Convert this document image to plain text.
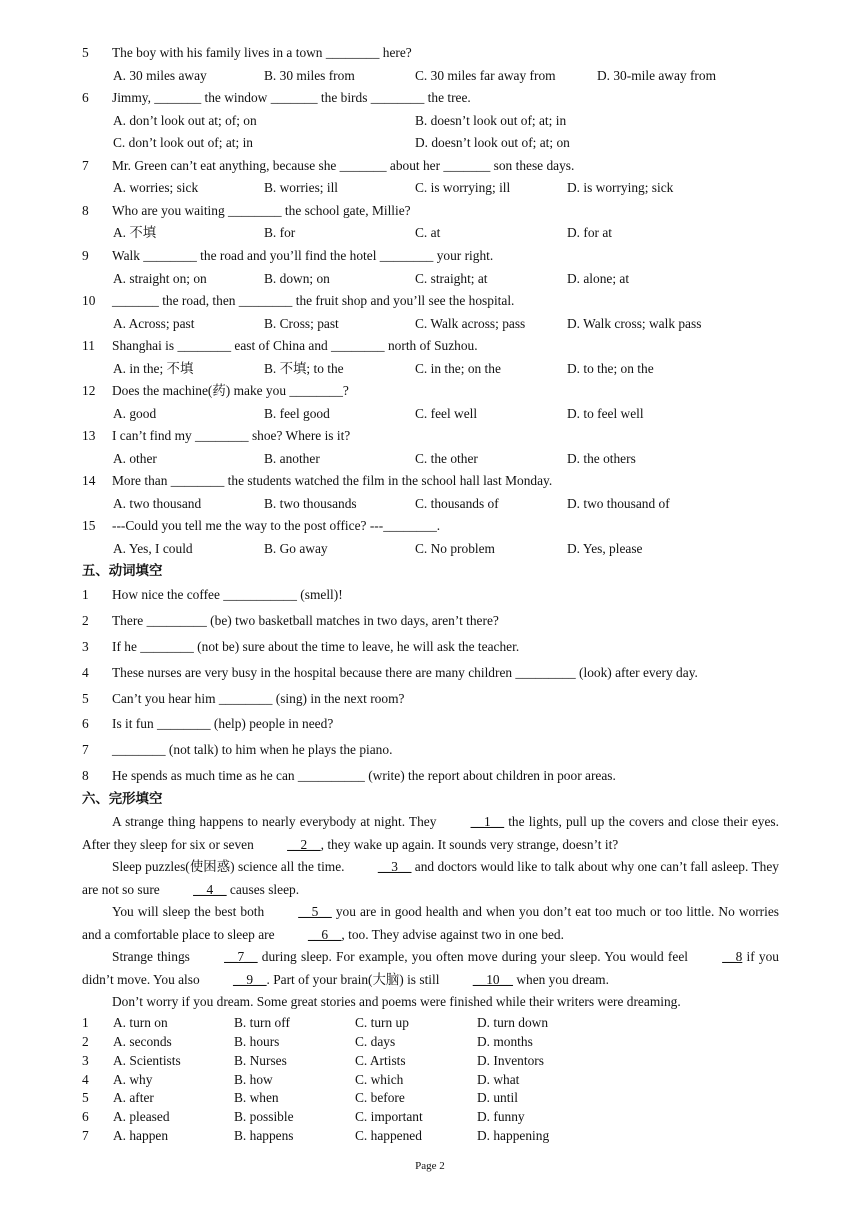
5 The boy with his family lives in a town ________ here?
A. 30 miles away	B. 30 miles from	C. 30 miles far away from	D. 30-mile away from
6 Jimmy, _______ the window _______ the birds ________ the tree.
A. don’t look out at; of; on	B. doesn’t look out of; at; in
C. don’t look out of; at; in	D. doesn’t look out of; at; on
7 Mr. Green can’t eat anything, because she _______ about her _______ son these days.
A. worries; sick	B. worries; ill	C. is worrying; ill	D. is worrying; sick
8 Who are you waiting ________ the school gate, Millie?
A. 不填	B. for	C. at	D. for at
9 Walk ________ the road and you’ll find the hotel ________ your right.
A. straight on; on	B. down; on	C. straight; at	D. alone; at
10 _______ the road, then ________ the fruit shop and you’ll see the hospital.
A. Across; past	B. Cross; past	C. Walk across; pass	D. Walk cross; walk pass
11 Shanghai is ________ east of China and ________ north of Suzhou.
A. in the; 不填	B. 不填; to the	C. in the; on the	D. to the; on the
12 Does the machine(药) make you ________?
A. good	B. feel good	C. feel well	D. to feel well
13 I can’t find my ________ shoe? Where is it?
A. other	B. another	C. the other	D. the others
14 More than ________ the students watched the film in the school hall last Monday.
A. two thousand	B. two thousands	C. thousands of	D. two thousand of
15 ---Could you tell me the way to the post office? ---________.
A. Yes, I could	B. Go away	C. No problem	D. Yes, please
五、动词填空
1 How nice the coffee ___________ (smell)!
2 There _________ (be) two basketball matches in two days, aren’t there?
3 If he ________ (not be) sure about the time to leave, he will ask the teacher.
4 These nurses are very busy in the hospital because there are many children _________ (look) after every day.
5 Can’t you hear him ________ (sing) in the next room?
6 Is it fun ________ (help) people in need?
7 ________ (not talk) to him when he plays the piano.
8 He spends as much time as he can __________ (write) the report about children in poor areas.
六、完形填空

A strange thing happens to nearly everybody at night. They __1__ the lights, pull up the covers and close their eyes. After they sleep for six or seven __2__, they wake up again. It sounds very strange, doesn’t it?

Sleep puzzles(使困惑) science all the time. __3__ and doctors would like to talk about why one can’t fall asleep. They are not so sure __4__ causes sleep.

You will sleep the best both __5__ you are in good health and when you don’t eat too much or too little. No worries and a comfortable place to sleep are __6__, too. They advise against two in one bed.

Strange things __7__ during sleep. For example, you often move during your sleep. You would feel __8 if you didn’t move. You also __9__. Part of your brain(大脑) is still __10__ when you dream.

Don’t worry if you dream. Some great stories and poems were finished while their writers were dreaming.

1 A. turn on	B. turn off	C. turn up	D. turn down
2 A. seconds	B. hours	C. days	D. months
3 A. Scientists	B. Nurses	C. Artists	D. Inventors
4 A. why	B. how	C. which	D. what
5 A. after	B. when	C. before	D. until
6 A. pleased	B. possible	C. important	D. funny
7 A. happen	B. happens	C. happened	D. happening
Page 2
